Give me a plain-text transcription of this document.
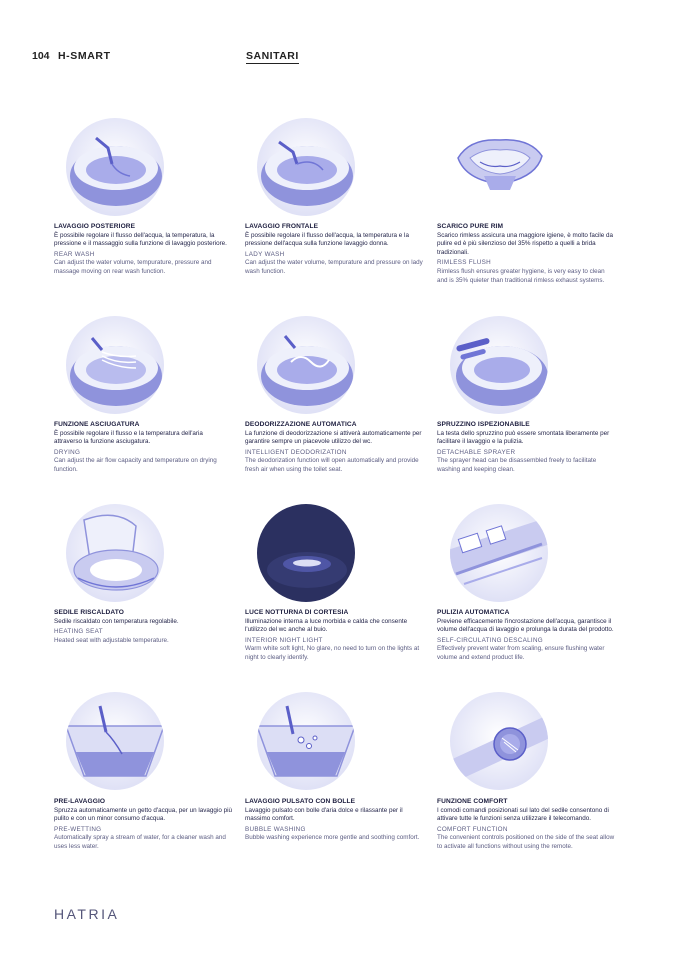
104 H-SMART	SANITARI
LAVAGGIO POSTERIORE
È possibile regolare il flusso dell'acqua, la temperatura, la pressione e il massaggio sulla funzione di lavaggio posteriore.
REAR WASH
Can adjust the water volume, tempurature, pressure and massage moving on rear wash function.
LAVAGGIO FRONTALE
È possibile regolare il flusso dell'acqua, la temperatura e la pressione dell'acqua sulla funzione lavaggio donna.
LADY WASH
Can adjust the water volume, tempurature and pressure on lady wash function.
SCARICO PURE RIM
Scarico rimless assicura una maggiore igiene, è molto facile da pulire ed è più silenzioso del 35% rispetto a quelli a brida tradizionali.
RIMLESS FLUSH
Rimless flush ensures greater hygiene, is very easy to clean and is 35% quieter than traditional rimless exhaust systems.
FUNZIONE ASCIUGATURA
È possibile regolare il flusso e la temperatura dell'aria attraverso la funzione asciugatura.
DRYING
Can adjust the air flow capacity and temperature on drying function.
DEODORIZZAZIONE AUTOMATICA
La funzione di deodorizzazione si attiverà automaticamente per garantire sempre un piacevole utilizzo del wc.
INTELLIGENT DEODORIZATION
The deodorization function will open automatically and provide fresh air when using the toilet seat.
SPRUZZINO ISPEZIONABILE
La testa dello spruzzino può essere smontata liberamente per facilitare il lavaggio e la pulizia.
DETACHABLE SPRAYER
The sprayer head can be disassembled freely to facilitate washing and keeping clean.
SEDILE RISCALDATO
Sedile riscaldato con temperatura regolabile.
HEATING SEAT
Heated seat with adjustable temperature.
LUCE NOTTURNA DI CORTESIA
Illuminazione interna a luce morbida e calda che consente l'utilizzo del wc anche al buio.
INTERIOR NIGHT LIGHT
Warm white soft light, No glare, no need to turn on the lights at night to clearly identify.
PULIZIA AUTOMATICA
Previene efficacemente l'incrostazione dell'acqua, garantisce il volume dell'acqua di lavaggio e prolunga la durata del prodotto.
SELF-CIRCULATING DESCALING
Effectively prevent water from scaling, ensure flushing water volume and extend product life.
PRE-LAVAGGIO
Spruzza automaticamente un getto d'acqua, per un lavaggio più pulito e con un minor consumo d'acqua.
PRE-WETTING
Automatically spray a stream of water, for a cleaner wash and uses less water.
LAVAGGIO PULSATO CON BOLLE
Lavaggio pulsato con bolle d'aria dolce e rilassante per il massimo comfort.
BUBBLE WASHING
Bubble washing experience more gentle and soothing comfort.
FUNZIONE COMFORT
I comodi comandi posizionati sul lato del sedile consentono di attivare tutte le funzioni senza utilizzare il telecomando.
COMFORT FUNCTION
The convenient controls positioned on the side of the seat allow to activate all functions without using the remote.
HATRIA
